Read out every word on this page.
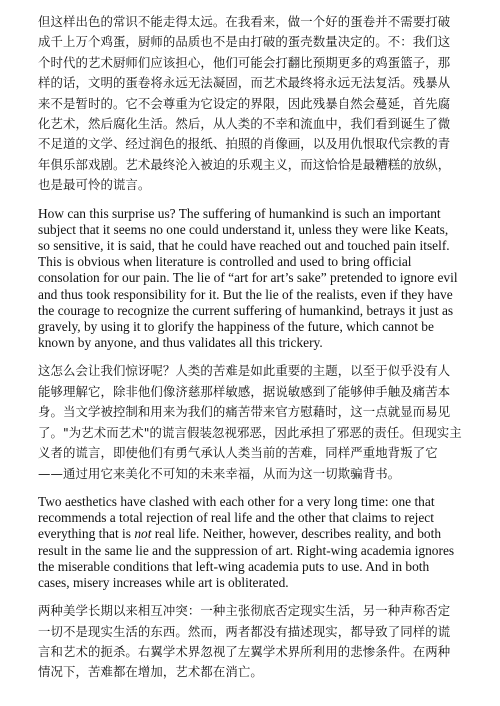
但这样出色的常识不能走得太远。在我看来，做一个好的蛋卷并不需要打破成千上万个鸡蛋，厨师的品质也不是由打破的蛋壳数量决定的。不：我们这个时代的艺术厨师们应该担心，他们可能会打翻比预期更多的鸡蛋篮子，那样的话，文明的蛋卷将永远无法凝固，而艺术最终将永远无法复活。残暴从来不是暂时的。它不会尊重为它设定的界限，因此残暴自然会蔓延，首先腐化艺术，然后腐化生活。然后，从人类的不幸和流血中，我们看到诞生了微不足道的文学、经过润色的报纸、拍照的肖像画，以及用仇恨取代宗教的青年俱乐部戏剧。艺术最终沦入被迫的乐观主义，而这恰恰是最糟糕的放纵，也是最可怜的谎言。

How can this surprise us? The suffering of humankind is such an important subject that it seems no one could understand it, unless they were like Keats, so sensitive, it is said, that he could have reached out and touched pain itself. This is obvious when literature is controlled and used to bring official consolation for our pain. The lie of “art for art’s sake” pretended to ignore evil and thus took responsibility for it. But the lie of the realists, even if they have the courage to recognize the current suffering of humankind, betrays it just as gravely, by using it to glorify the happiness of the future, which cannot be known by anyone, and thus validates all this trickery.

这怎么会让我们惊讶呢？人类的苦难是如此重要的主题，以至于似乎没有人能够理解它，除非他们像济慈那样敏感，据说敏感到了能够伸手触及痛苦本身。当文学被控制和用来为我们的痛苦带来官方慰藉时，这一点就显而易见了。"为艺术而艺术"的谎言假装忽视邪恶，因此承担了邪恶的责任。但现实主义者的谎言，即使他们有勇气承认人类当前的苦难，同样严重地背叛了它——通过用它来美化不可知的未来幸福，从而为这一切欺骗背书。

Two aesthetics have clashed with each other for a very long time: one that recommends a total rejection of real life and the other that claims to reject everything that is not real life. Neither, however, describes reality, and both result in the same lie and the suppression of art. Right-wing academia ignores the miserable conditions that left-wing academia puts to use. And in both cases, misery increases while art is obliterated.

两种美学长期以来相互冲突：一种主张彻底否定现实生活，另一种声称否定一切不是现实生活的东西。然而，两者都没有描述现实，都导致了同样的谎言和艺术的扼杀。右翼学术界忽视了左翼学术界所利用的悲惨条件。在两种情况下，苦难都在增加，艺术都在消亡。
